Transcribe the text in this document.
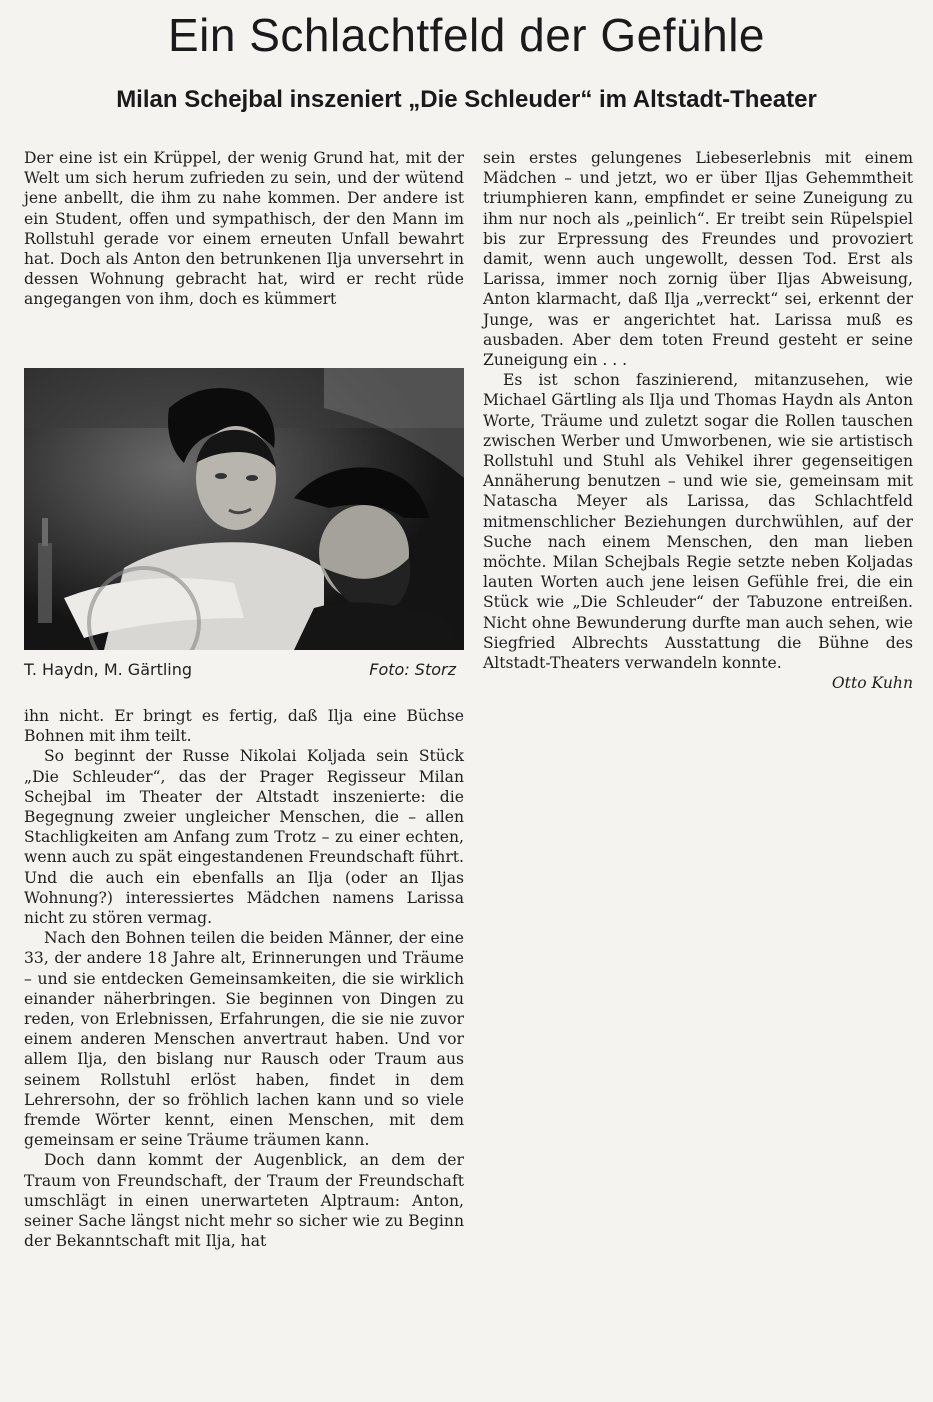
Ein Schlachtfeld der Gefühle
Milan Schejbal inszeniert „Die Schleuder“ im Altstadt-Theater

Der eine ist ein Krüppel, der wenig Grund hat, mit der Welt um sich herum zufrieden zu sein, und der wütend jene anbellt, die ihm zu nahe kommen. Der andere ist ein Student, offen und sympathisch, der den Mann im Rollstuhl gerade vor einem erneuten Unfall bewahrt hat. Doch als Anton den betrunkenen Ilja unversehrt in dessen Wohnung gebracht hat, wird er recht rüde angegangen von ihm, doch es kümmert

T. Haydn, M. Gärtling	Foto: Storz

ihn nicht. Er bringt es fertig, daß Ilja eine Büchse Bohnen mit ihm teilt.

So beginnt der Russe Nikolai Koljada sein Stück „Die Schleuder“, das der Prager Regisseur Milan Schejbal im Theater der Altstadt inszenierte: die Begegnung zweier ungleicher Menschen, die – allen Stachligkeiten am Anfang zum Trotz – zu einer echten, wenn auch zu spät eingestandenen Freundschaft führt. Und die auch ein ebenfalls an Ilja (oder an Iljas Wohnung?) interessiertes Mädchen namens Larissa nicht zu stören vermag.

Nach den Bohnen teilen die beiden Männer, der eine 33, der andere 18 Jahre alt, Erinnerungen und Träume – und sie entdecken Gemeinsamkeiten, die sie wirklich einander näherbringen. Sie beginnen von Dingen zu reden, von Erlebnissen, Erfahrungen, die sie nie zuvor einem anderen Menschen anvertraut haben. Und vor allem Ilja, den bislang nur Rausch oder Traum aus seinem Rollstuhl erlöst haben, findet in dem Lehrersohn, der so fröhlich lachen kann und so viele fremde Wörter kennt, einen Menschen, mit dem gemeinsam er seine Träume träumen kann.

Doch dann kommt der Augenblick, an dem der Traum von Freundschaft, der Traum der Freundschaft umschlägt in einen unerwarteten Alptraum: Anton, seiner Sache längst nicht mehr so sicher wie zu Beginn der Bekanntschaft mit Ilja, hat

sein erstes gelungenes Liebeserlebnis mit einem Mädchen – und jetzt, wo er über Iljas Gehemmtheit triumphieren kann, empfindet er seine Zuneigung zu ihm nur noch als „peinlich“. Er treibt sein Rüpelspiel bis zur Erpressung des Freundes und provoziert damit, wenn auch ungewollt, dessen Tod. Erst als Larissa, immer noch zornig über Iljas Abweisung, Anton klarmacht, daß Ilja „verreckt“ sei, erkennt der Junge, was er angerichtet hat. Larissa muß es ausbaden. Aber dem toten Freund gesteht er seine Zuneigung ein . . .

Es ist schon faszinierend, mitanzusehen, wie Michael Gärtling als Ilja und Thomas Haydn als Anton Worte, Träume und zuletzt sogar die Rollen tauschen zwischen Werber und Umworbenen, wie sie artistisch Rollstuhl und Stuhl als Vehikel ihrer gegenseitigen Annäherung benutzen – und wie sie, gemeinsam mit Natascha Meyer als Larissa, das Schlachtfeld mitmenschlicher Beziehungen durchwühlen, auf der Suche nach einem Menschen, den man lieben möchte. Milan Schejbals Regie setzte neben Koljadas lauten Worten auch jene leisen Gefühle frei, die ein Stück wie „Die Schleuder“ der Tabuzone entreißen. Nicht ohne Bewunderung durfte man auch sehen, wie Siegfried Albrechts Ausstattung die Bühne des Altstadt-Theaters verwandeln konnte.

Otto Kuhn
